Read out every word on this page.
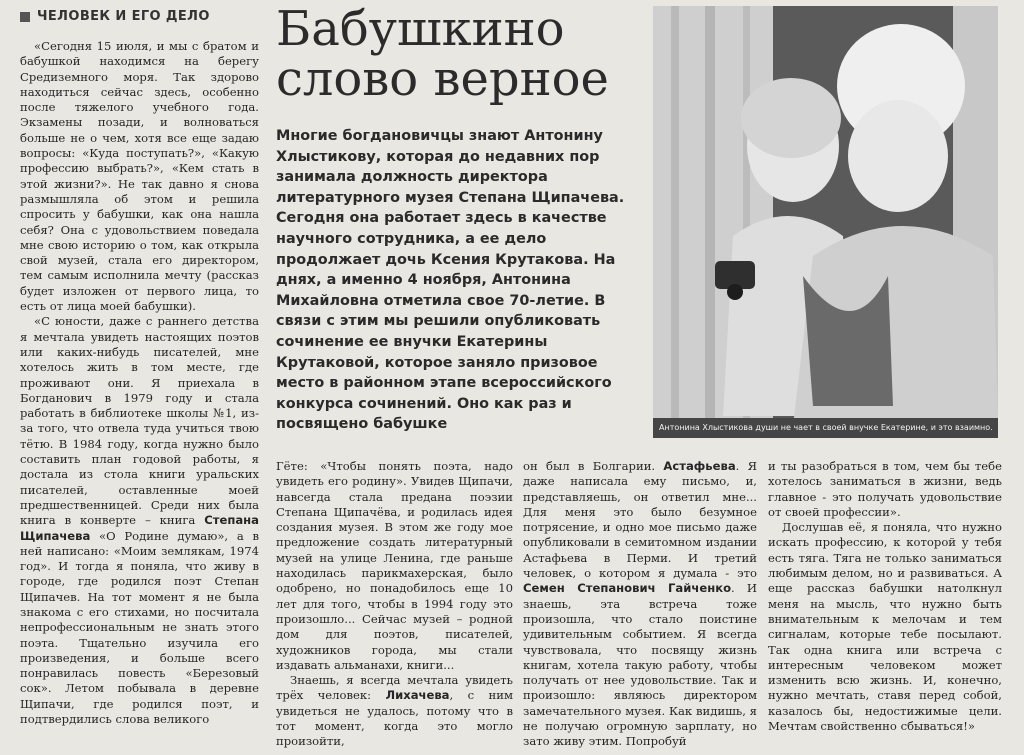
ЧЕЛОВЕК И ЕГО ДЕЛО Бабушкино
слово верное

Многие богдановичцы знают Антонину Хлыстикову, которая до недавних пор занимала должность директора литературного музея Степана Щипачева. Сегодня она работает здесь в качестве научного сотрудника, а ее дело продолжает дочь Ксения Крутакова. На днях, а именно 4 ноября, Антонина Михайловна отметила свое 70-летие. В связи с этим мы решили опубликовать сочинение ее внучки Екатерины Крутаковой, которое заняло призовое место в районном этапе всероссийского конкурса сочинений. Оно как раз и посвящено бабушке	Антонина Хлыстикова души не чает в своей внучке Екатерине, и это взаимно.

«Сегодня 15 июля, и мы с братом и бабушкой находимся на берегу Средиземного моря. Так здорово находиться сейчас здесь, особенно после тяжелого учебного года. Экзамены позади, и волноваться больше не о чем, хотя все еще задаю вопросы: «Куда поступать?», «Какую профессию выбрать?», «Кем стать в этой жизни?». Не так давно я снова размышляла об этом и решила спросить у бабушки, как она нашла себя? Она с удовольствием поведала мне свою историю о том, как открыла свой музей, стала его директором, тем самым исполнила мечту (рассказ будет изложен от первого лица, то есть от лица моей бабушки).

«С юности, даже с раннего детства я мечтала увидеть настоящих поэтов или каких-нибудь писателей, мне хотелось жить в том месте, где проживают они. Я приехала в Богданович в 1979 году и стала работать в библиотеке школы №1, из-за того, что отвела туда учиться твою тётю. В 1984 году, когда нужно было составить план годовой работы, я достала из стола книги уральских писателей, оставленные моей предшественницей. Среди них была книга в конверте – книга Степана Щипачева «О Родине думаю», а в ней написано: «Моим землякам, 1974 год». И тогда я поняла, что живу в городе, где родился поэт Степан Щипачев. На тот момент я не была знакома с его стихами, но посчитала непрофессиональным не знать этого поэта. Тщательно изучила его произведения, и больше всего понравилась повесть «Березовый сок». Летом побывала в деревне Щипачи, где родился поэт, и подтвердились слова великого

Гёте: «Чтобы понять поэта, надо увидеть его родину». Увидев Щипачи, навсегда стала предана поэзии Степана Щипачёва, и родилась идея создания музея. В этом же году мое предложение создать литературный музей на улице Ленина, где раньше находилась парикмахерская, было одобрено, но понадобилось еще 10 лет для того, чтобы в 1994 году это произошло... Сейчас музей – родной дом для поэтов, писателей, художников города, мы стали издавать альманахи, книги...

Знаешь, я всегда мечтала увидеть трёх человек: Лихачева, с ним увидеться не удалось, потому что в тот момент, когда это могло произойти,

он был в Болгарии. Астафьева. Я даже написала ему письмо, и, представляешь, он ответил мне... Для меня это было безумное потрясение, и одно мое письмо даже опубликовали в семитомном издании Астафьева в Перми. И третий человек, о котором я думала - это Семен Степанович Гайченко. И знаешь, эта встреча тоже произошла, что стало поистине удивительным событием. Я всегда чувствовала, что посвящу жизнь книгам, хотела такую работу, чтобы получать от нее удовольствие. Так и произошло: являюсь директором замечательного музея. Как видишь, я не получаю огромную зарплату, но зато живу этим. Попробуй

и ты разобраться в том, чем бы тебе хотелось заниматься в жизни, ведь главное - это получать удовольствие от своей профессии».

Дослушав её, я поняла, что нужно искать профессию, к которой у тебя есть тяга. Тяга не только заниматься любимым делом, но и развиваться. А еще рассказ бабушки натолкнул меня на мысль, что нужно быть внимательным к мелочам и тем сигналам, которые тебе посылают. Так одна книга или встреча с интересным человеком может изменить всю жизнь. И, конечно, нужно мечтать, ставя перед собой, казалось бы, недостижимые цели. Мечтам свойственно сбываться!»
